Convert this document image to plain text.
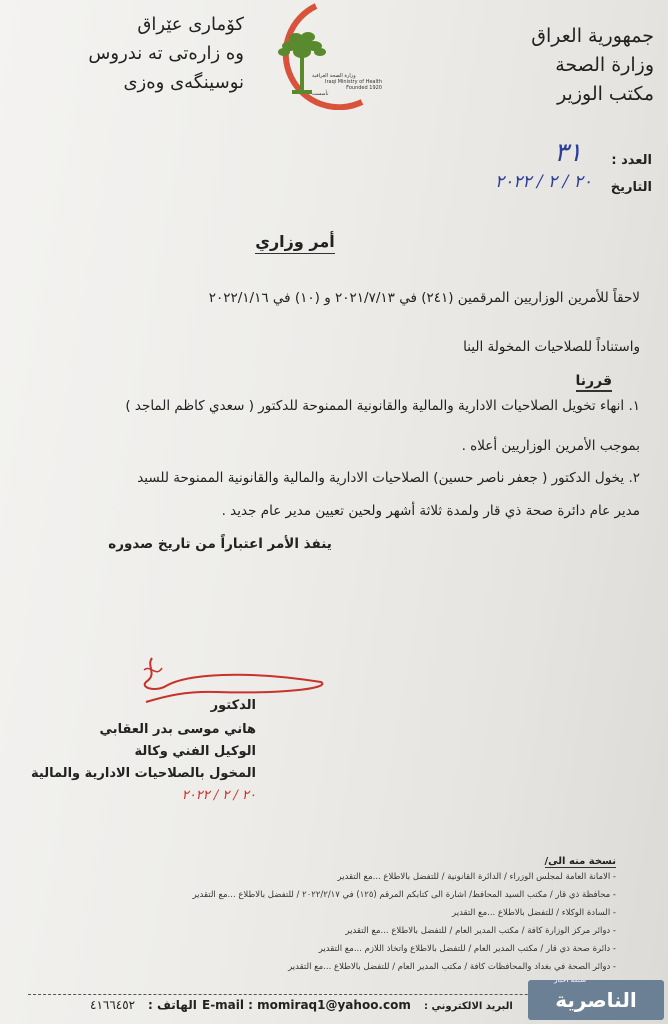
جمهورية العراق
وزارة الصحة
مكتب الوزير
كۆماری عێراق
وه زارەتی ته ندروس
نوسینگەی وەزی	وزارة الصحة العراقية
Iraqi Ministry of Health
Founded 1920
تأسست
العدد :
٣١
التاريخ
٢٠ / ٢ / ٢٠٢٢
أمر وزاري
لاحقاً للأمرين الوزاريين المرقمين (٢٤١) في ٢٠٢١/٧/١٣ و (١٠) في ٢٠٢٢/١/١٦
واستناداً للصلاحيات المخولة الينا
قررنا
١. انهاء تخويل الصلاحيات الادارية والمالية والقانونية الممنوحة للدكتور ( سعدي كاظم الماجد )
بموجب الأمرين الوزاريين أعلاه .
٢. يخول الدكتور ( جعفر ناصر حسين) الصلاحيات الادارية والمالية والقانونية الممنوحة للسيد
مدير عام دائرة صحة ذي قار ولمدة ثلاثة أشهر ولحين تعيين مدير عام جديد .
ينفذ الأمر اعتباراً من تاريخ صدوره
الدكتور
هاني موسى بدر العقابي
الوكيل الفني وكالة
المخول بالصلاحيات الادارية والمالية
٢٠ / ٢ / ٢٠٢٢
نسخة منه الى/
- الامانة العامة لمجلس الوزراء / الدائرة القانونية / للتفضل بالاطلاع ...مع التقدير
- محافظة ذي قار / مكتب السيد المحافظ/ اشارة الى كتابكم المرقم (١٢٥) في ٢٠٢٢/٢/١٧ / للتفضل بالاطلاع ...مع التقدير
- السادة الوكلاء / للتفضل بالاطلاع ...مع التقدير
- دوائر مركز الوزارة كافة / مكتب المدير العام / للتفضل بالاطلاع ...مع التقدير
- دائرة صحة ذي قار / مكتب المدير العام / للتفضل بالاطلاع واتخاذ اللازم ...مع التقدير
- دوائر الصحة في بغداد والمحافظات كافة / مكتب المدير العام / للتفضل بالاطلاع ...مع التقدير
٤١٦٦٤٥٢ الهاتف : E-mail : momiraq1@yahoo.com البريد الالكتروني :
شبكة أخبار
الناصرية
